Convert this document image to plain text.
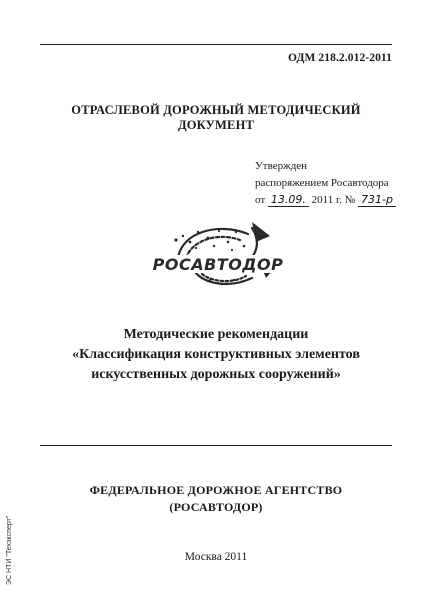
ОДМ 218.2.012-2011
ОТРАСЛЕВОЙ ДОРОЖНЫЙ МЕТОДИЧЕСКИЙ ДОКУМЕНТ
Утвержден
распоряжением Росавтодора
от 13.09. 2011 г. № 731-р
РОСАВТОДОР
Методические рекомендации
«Классификация конструктивных элементов
искусственных дорожных сооружений»
ФЕДЕРАЛЬНОЕ ДОРОЖНОЕ АГЕНТСТВО
(РОСАВТОДОР)
Москва 2011
ЭС НТИ "Техэксперт"
